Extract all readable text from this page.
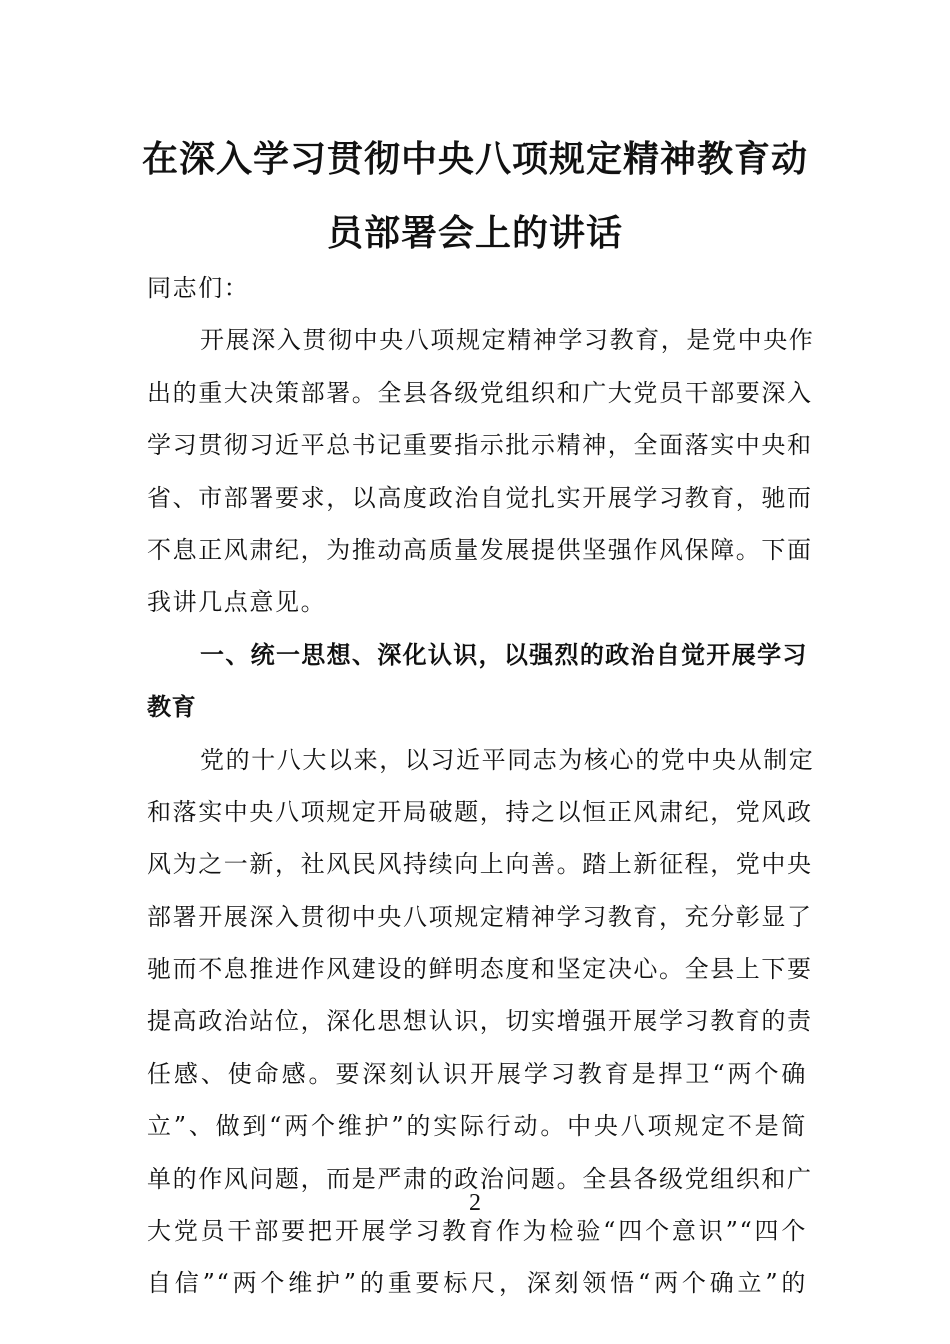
在深入学习贯彻中央八项规定精神教育动
员部署会上的讲话
同志们：
开展深入贯彻中央八项规定精神学习教育，是党中央作
出的重大决策部署。全县各级党组织和广大党员干部要深入
学习贯彻习近平总书记重要指示批示精神，全面落实中央和
省、市部署要求，以高度政治自觉扎实开展学习教育，驰而
不息正风肃纪，为推动高质量发展提供坚强作风保障。下面
我讲几点意见。
一、统一思想、深化认识，以强烈的政治自觉开展学习
教育
党的十八大以来，以习近平同志为核心的党中央从制定
和落实中央八项规定开局破题，持之以恒正风肃纪，党风政
风为之一新，社风民风持续向上向善。踏上新征程，党中央
部署开展深入贯彻中央八项规定精神学习教育，充分彰显了
驰而不息推进作风建设的鲜明态度和坚定决心。全县上下要
提高政治站位，深化思想认识，切实增强开展学习教育的责
任感、使命感。要深刻认识开展学习教育是捍卫“两个确
立”、做到“两个维护”的实际行动。中央八项规定不是简
单的作风问题，而是严肃的政治问题。全县各级党组织和广
大党员干部要把开展学习教育作为检验“四个意识”“四个
自信”“两个维护”的重要标尺，深刻领悟“两个确立”的
2
